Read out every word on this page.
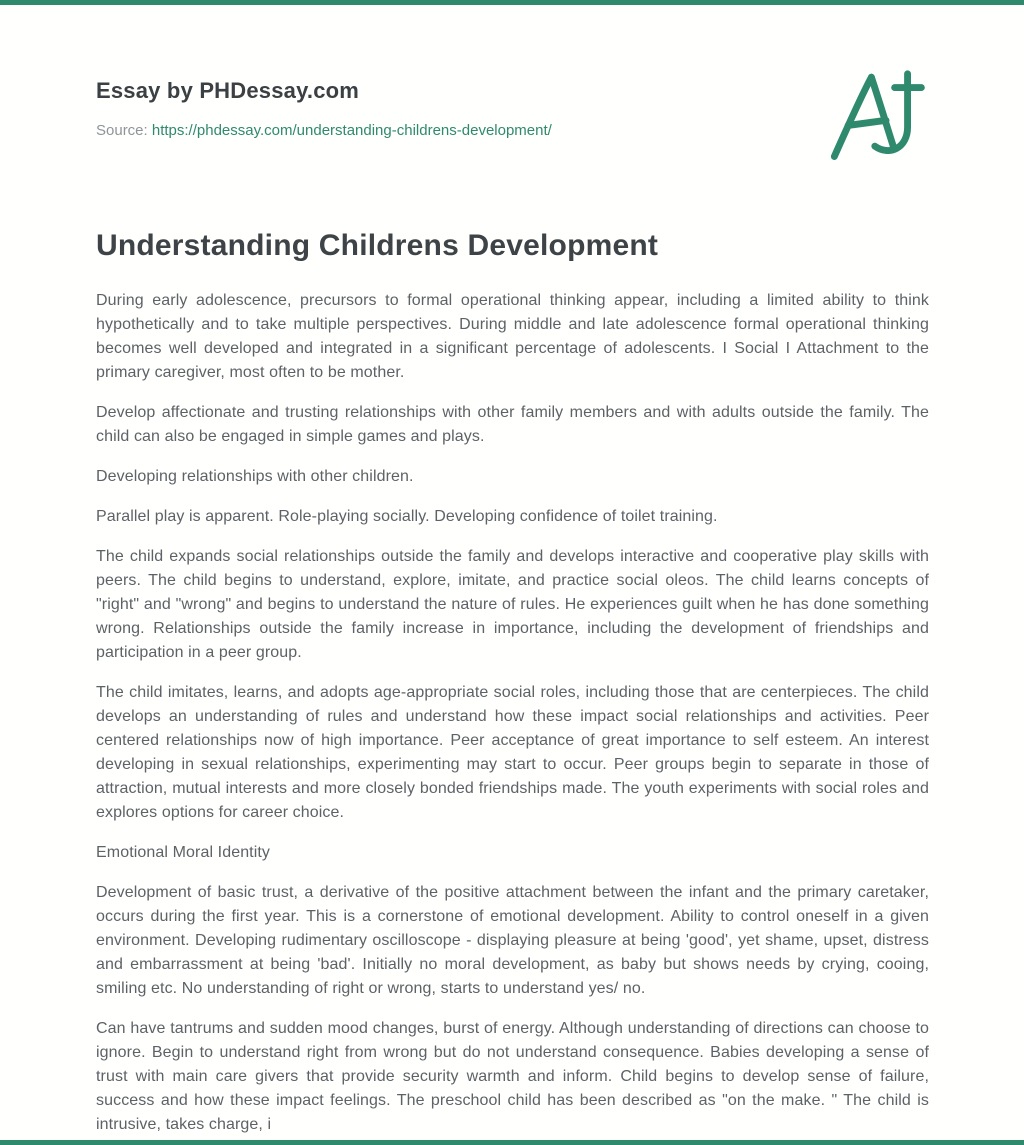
Essay by PHDessay.com
Source: https://phdessay.com/understanding-childrens-development/
Understanding Childrens Development

During early adolescence, precursors to formal operational thinking appear, including a limited ability to think hypothetically and to take multiple perspectives. During middle and late adolescence formal operational thinking becomes well developed and integrated in a significant percentage of adolescents. I Social I Attachment to the primary caregiver, most often to be mother.

Develop affectionate and trusting relationships with other family members and with adults outside the family. The child can also be engaged in simple games and plays.

Developing relationships with other children.

Parallel play is apparent. Role-playing socially. Developing confidence of toilet training.

The child expands social relationships outside the family and develops interactive and cooperative play skills with peers. The child begins to understand, explore, imitate, and practice social oleos. The child learns concepts of "right" and "wrong" and begins to understand the nature of rules. He experiences guilt when he has done something wrong. Relationships outside the family increase in importance, including the development of friendships and participation in a peer group.

The child imitates, learns, and adopts age-appropriate social roles, including those that are centerpieces. The child develops an understanding of rules and understand how these impact social relationships and activities. Peer centered relationships now of high importance. Peer acceptance of great importance to self esteem. An interest developing in sexual relationships, experimenting may start to occur. Peer groups begin to separate in those of attraction, mutual interests and more closely bonded friendships made. The youth experiments with social roles and explores options for career choice.

Emotional Moral Identity

Development of basic trust, a derivative of the positive attachment between the infant and the primary caretaker, occurs during the first year. This is a cornerstone of emotional development. Ability to control oneself in a given environment. Developing rudimentary oscilloscope - displaying pleasure at being 'good', yet shame, upset, distress and embarrassment at being 'bad'. Initially no moral development, as baby but shows needs by crying, cooing, smiling etc. No understanding of right or wrong, starts to understand yes/ no.

Can have tantrums and sudden mood changes, burst of energy. Although understanding of directions can choose to ignore. Begin to understand right from wrong but do not understand consequence. Babies developing a sense of trust with main care givers that provide security warmth and inform. Child begins to develop sense of failure, success and how these impact feelings. The preschool child has been described as "on the make. " The child is intrusive, takes charge, i
